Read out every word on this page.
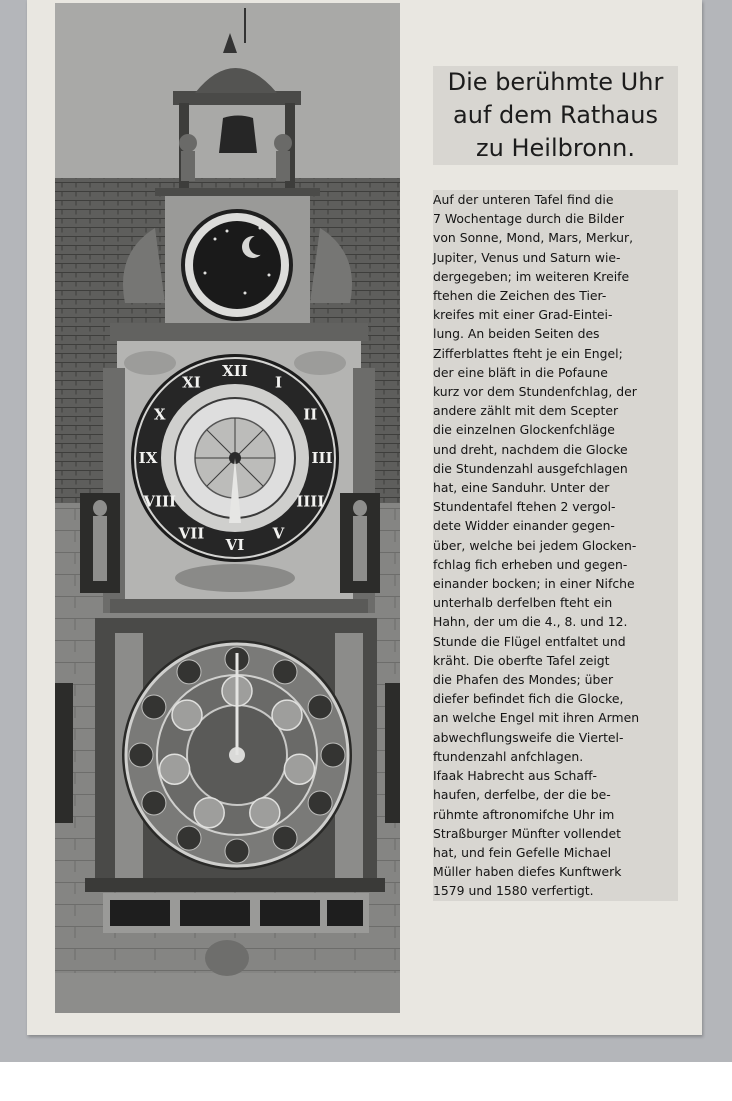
XII
I
II
III
IIII
V
VI
VII
VIII
IX
X
XI
Die berühmte Uhr
auf dem Rathaus
zu Heilbronn.
Auf der unteren Tafel find die
7 Wochentage durch die Bilder
von Sonne, Mond, Mars, Merkur,
Jupiter, Venus und Saturn wie-
dergegeben; im weiteren Kreife
ftehen die Zeichen des Tier-
kreifes mit einer Grad-Eintei-
lung. An beiden Seiten des
Zifferblattes fteht je ein Engel;
der eine bläft in die Pofaune
kurz vor dem Stundenfchlag, der
andere zählt mit dem Scepter
die einzelnen Glockenfchläge
und dreht, nachdem die Glocke
die Stundenzahl ausgefchlagen
hat, eine Sanduhr. Unter der
Stundentafel ftehen 2 vergol-
dete Widder einander gegen-
über, welche bei jedem Glocken-
fchlag fich erheben und gegen-
einander bocken; in einer Nifche
unterhalb derfelben fteht ein
Hahn, der um die 4., 8. und 12.
Stunde die Flügel entfaltet und
kräht. Die oberfte Tafel zeigt
die Phafen des Mondes; über
diefer befindet fich die Glocke,
an welche Engel mit ihren Armen
abwechflungsweife die Viertel-
ftundenzahl anfchlagen.
Ifaak Habrecht aus Schaff-
haufen, derfelbe, der die be-
rühmte aftronomifche Uhr im
Straßburger Münfter vollendet
hat, und fein Gefelle Michael
Müller haben diefes Kunftwerk
1579 und 1580 verfertigt.
